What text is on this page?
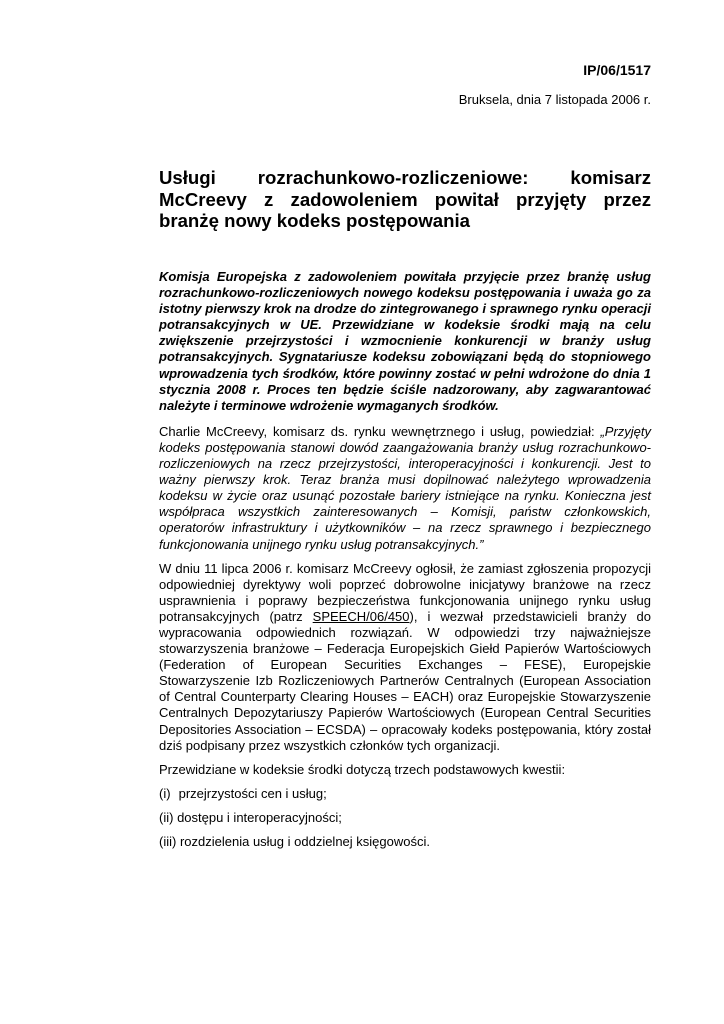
IP/06/1517
Bruksela, dnia 7 listopada 2006 r.
Usługi rozrachunkowo-rozliczeniowe: komisarz McCreevy z zadowoleniem powitał przyjęty przez branżę nowy kodeks postępowania

Komisja Europejska z zadowoleniem powitała przyjęcie przez branżę usług rozrachunkowo-rozliczeniowych nowego kodeksu postępowania i uważa go za istotny pierwszy krok na drodze do zintegrowanego i sprawnego rynku operacji potransakcyjnych w UE. Przewidziane w kodeksie środki mają na celu zwiększenie przejrzystości i wzmocnienie konkurencji w branży usług potransakcyjnych. Sygnatariusze kodeksu zobowiązani będą do stopniowego wprowadzenia tych środków, które powinny zostać w pełni wdrożone do dnia 1 stycznia 2008 r. Proces ten będzie ściśle nadzorowany, aby zagwarantować należyte i terminowe wdrożenie wymaganych środków.

Charlie McCreevy, komisarz ds. rynku wewnętrznego i usług, powiedział: „Przyjęty kodeks postępowania stanowi dowód zaangażowania branży usług rozrachunkowo-rozliczeniowych na rzecz przejrzystości, interoperacyjności i konkurencji. Jest to ważny pierwszy krok. Teraz branża musi dopilnować należytego wprowadzenia kodeksu w życie oraz usunąć pozostałe bariery istniejące na rynku. Konieczna jest współpraca wszystkich zainteresowanych – Komisji, państw członkowskich, operatorów infrastruktury i użytkowników – na rzecz sprawnego i bezpiecznego funkcjonowania unijnego rynku usług potransakcyjnych.”

W dniu 11 lipca 2006 r. komisarz McCreevy ogłosił, że zamiast zgłoszenia propozycji odpowiedniej dyrektywy woli poprzeć dobrowolne inicjatywy branżowe na rzecz usprawnienia i poprawy bezpieczeństwa funkcjonowania unijnego rynku usług potransakcyjnych (patrz SPEECH/06/450), i wezwał przedstawicieli branży do wypracowania odpowiednich rozwiązań. W odpowiedzi trzy najważniejsze stowarzyszenia branżowe – Federacja Europejskich Giełd Papierów Wartościowych (Federation of European Securities Exchanges – FESE), Europejskie Stowarzyszenie Izb Rozliczeniowych Partnerów Centralnych (European Association of Central Counterparty Clearing Houses – EACH) oraz Europejskie Stowarzyszenie Centralnych Depozytariuszy Papierów Wartościowych (European Central Securities Depositories Association – ECSDA) – opracowały kodeks postępowania, który został dziś podpisany przez wszystkich członków tych organizacji.

Przewidziane w kodeksie środki dotyczą trzech podstawowych kwestii:

(i) przejrzystości cen i usług;
(ii) dostępu i interoperacyjności;
(iii) rozdzielenia usług i oddzielnej księgowości.
